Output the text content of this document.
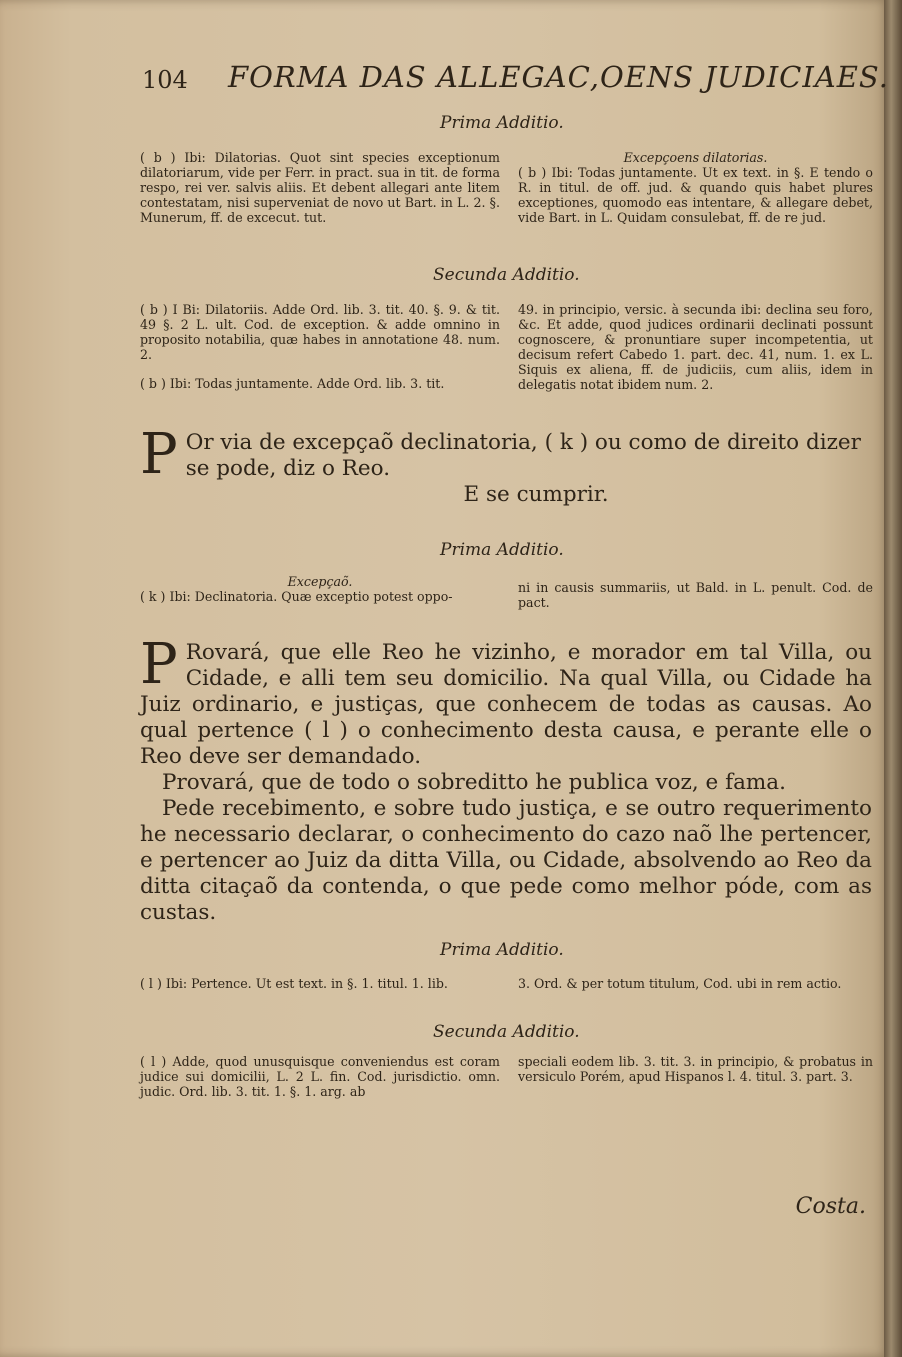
104 FORMA DAS ALLEGAC,OENS JUDICIAES.
Prima Additio.

( b ) Ibi: Dilatorias. Quot sint species exceptionum dilatoriarum, vide per Ferr. in pract. sua in tit. de forma respo, rei ver. salvis aliis. Et debent allegari ante litem contestatam, nisi superveniat de novo ut Bart. in L. 2. §. Munerum, ff. de excecut. tut.

Excepçoens dilatorias.

( b ) Ibi: Todas juntamente. Ut ex text. in §. E tendo o R. in titul. de off. jud. & quando quis habet plures exceptiones, quomodo eas intentare, & allegare debet, vide Bart. in L. Quidam consulebat, ff. de re jud.

Secunda Additio.

( b ) I Bi: Dilatoriis. Adde Ord. lib. 3. tit. 40. §. 9. & tit. 49 §. 2 L. ult. Cod. de exception. & adde omnino in proposito notabilia, quæ habes in annotatione 48. num. 2.

( b ) Ibi: Todas juntamente. Adde Ord. lib. 3. tit.

49. in principio, versic. à secunda ibi: declina seu foro, &c. Et adde, quod judices ordinarii declinati possunt cognoscere, & pronuntiare super incompetentia, ut decisum refert Cabedo 1. part. dec. 41, num. 1. ex L. Siquis ex aliena, ff. de judiciis, cum aliis, idem in delegatis notat ibidem num. 2.

P Or via de excepçaõ declinatoria, ( k ) ou como de direito dizer se pode, diz o Reo.

E se cumprir.

Prima Additio.

Excepçaõ.

( k ) Ibi: Declinatoria. Quæ exceptio potest oppo-

ni in causis summariis, ut Bald. in L. penult. Cod. de pact.

P Rovará, que elle Reo he vizinho, e morador em tal Villa, ou Cidade, e alli tem seu domicilio. Na qual Villa, ou Cidade ha Juiz ordinario, e justiças, que conhecem de todas as causas. Ao qual pertence ( l ) o conhecimento desta causa, e perante elle o Reo deve ser demandado.

Provará, que de todo o sobreditto he publica voz, e fama.

Pede recebimento, e sobre tudo justiça, e se outro requerimento he necessario declarar, o conhecimento do cazo naõ lhe pertencer, e pertencer ao Juiz da ditta Villa, ou Cidade, absolvendo ao Reo da ditta citaçaõ da contenda, o que pede como melhor póde, com as custas.

Prima Additio.

( l ) Ibi: Pertence. Ut est text. in §. 1. titul. 1. lib.	3. Ord. & per totum titulum, Cod. ubi in rem actio.

Secunda Additio.

( l ) Adde, quod unusquisque conveniendus est coram judice sui domicilii, L. 2 L. fin. Cod. jurisdictio. omn. judic. Ord. lib. 3. tit. 1. §. 1. arg. ab

speciali eodem lib. 3. tit. 3. in principio, & probatus in versiculo Porém, apud Hispanos l. 4. titul. 3. part. 3.

Costa.
